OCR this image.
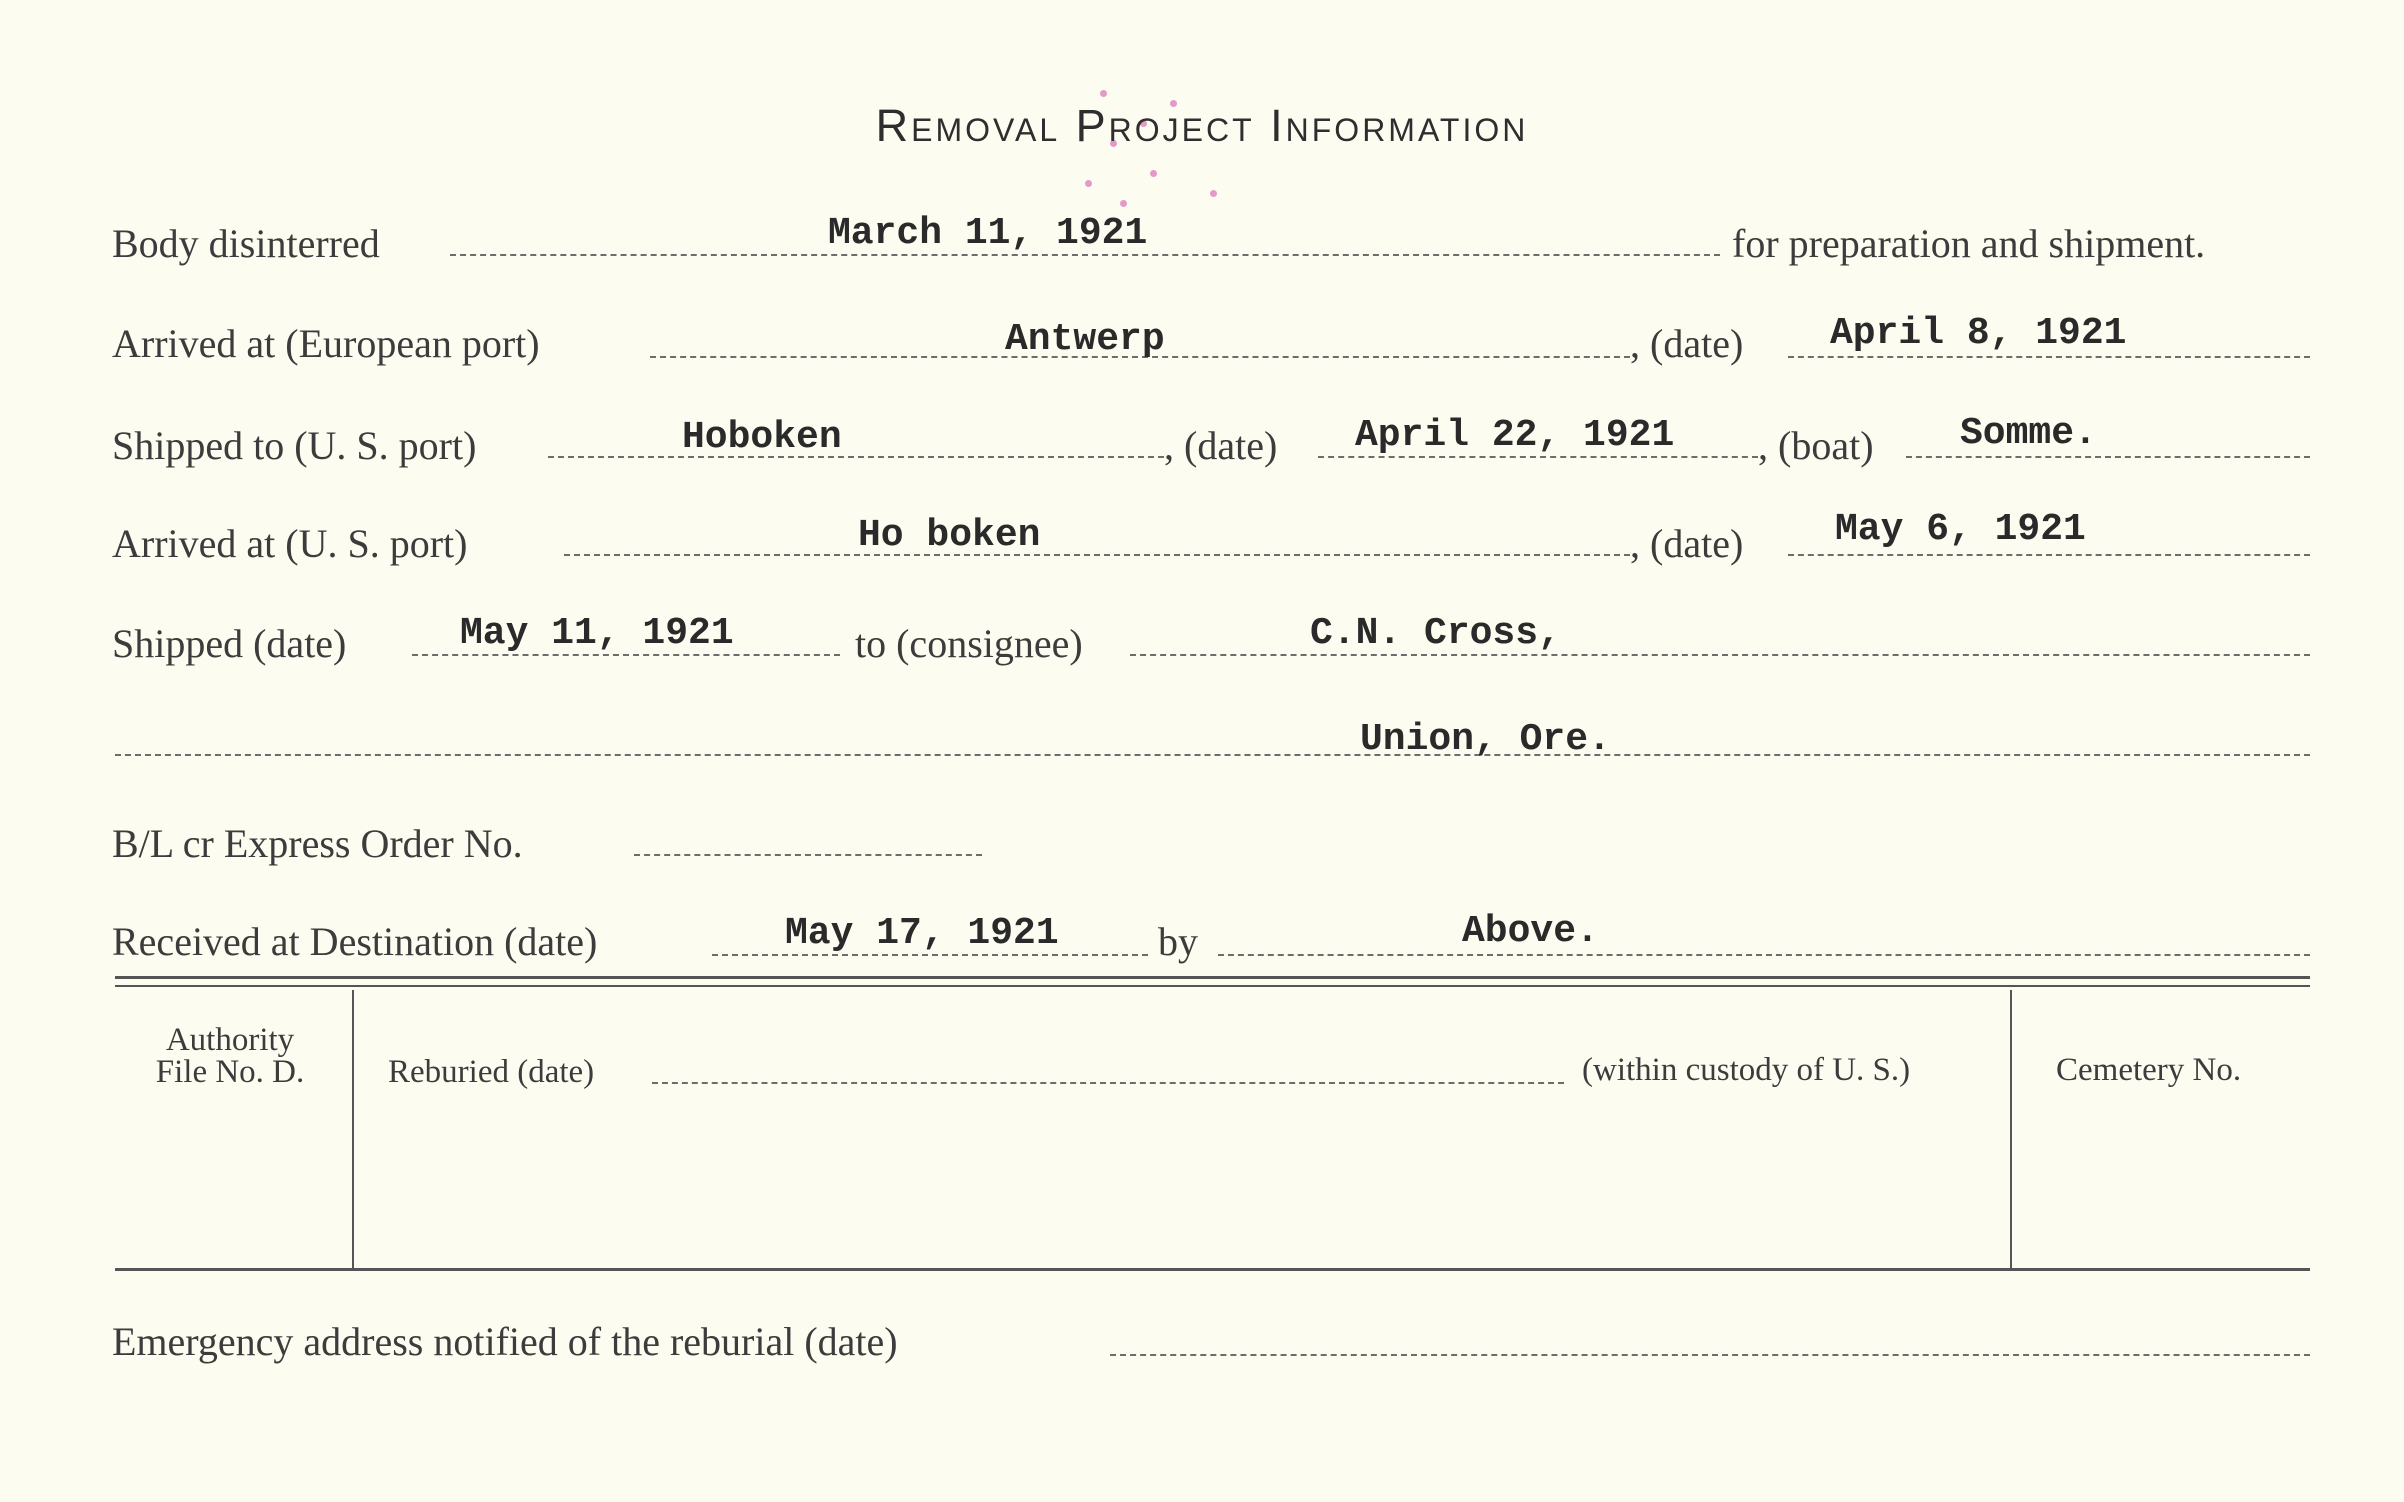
Removal Project Information
Body disinterred	March 11, 1921	for preparation and shipment.
Arrived at (European port)	Antwerp	, (date) April 8, 1921
Shipped to (U. S. port)	Hoboken	, (date) April 22, 1921 , (boat) Somme.
Arrived at (U. S. port)	Ho boken	, (date) May 6, 1921
Shipped (date)	May 11, 1921	to (consignee)	C.N. Cross,
Union, Ore.
B/L cr Express Order No.
Received at Destination (date)	May 17, 1921 by	Above.
Authority
File No. D.	Reburied (date)	(within custody of U. S.)	Cemetery No.
Emergency address notified of the reburial (date)
